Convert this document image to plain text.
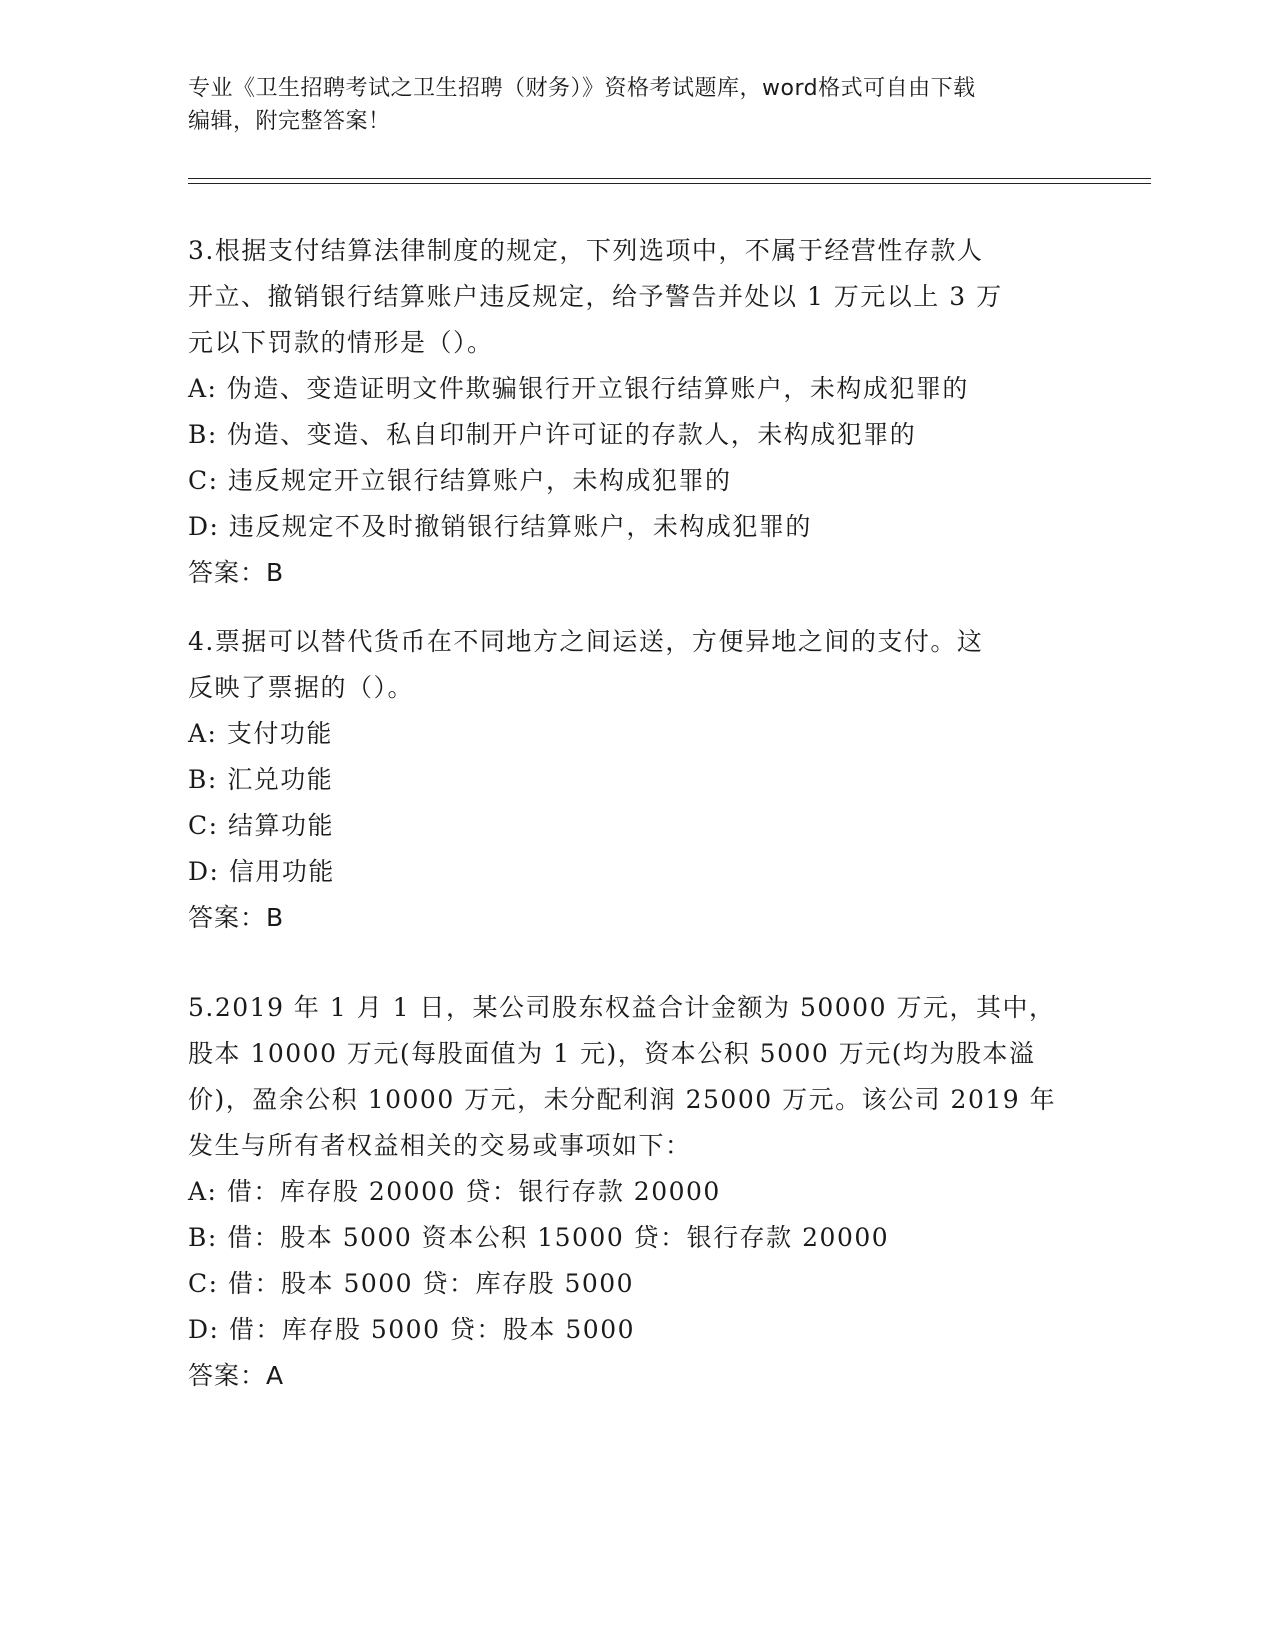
专业《卫生招聘考试之卫生招聘（财务）》资格考试题库，word格式可自由下载
编辑，附完整答案！

3.根据支付结算法律制度的规定，下列选项中，不属于经营性存款人

开立、撤销银行结算账户违反规定，给予警告并处以 1 万元以上 3 万

元以下罚款的情形是（）。

A: 伪造、变造证明文件欺骗银行开立银行结算账户，未构成犯罪的

B: 伪造、变造、私自印制开户许可证的存款人，未构成犯罪的

C: 违反规定开立银行结算账户，未构成犯罪的

D: 违反规定不及时撤销银行结算账户，未构成犯罪的

答案：B

4.票据可以替代货币在不同地方之间运送，方便异地之间的支付。这

反映了票据的（）。

A: 支付功能

B: 汇兑功能

C: 结算功能

D: 信用功能

答案：B

5.2019 年 1 月 1 日，某公司股东权益合计金额为 50000 万元，其中，

股本 10000 万元(每股面值为 1 元)，资本公积 5000 万元(均为股本溢

价)，盈余公积 10000 万元，未分配利润 25000 万元。该公司 2019 年

发生与所有者权益相关的交易或事项如下：

A: 借：库存股 20000 贷：银行存款 20000

B: 借：股本 5000 资本公积 15000 贷：银行存款 20000

C: 借：股本 5000 贷：库存股 5000

D: 借：库存股 5000 贷：股本 5000

答案：A
